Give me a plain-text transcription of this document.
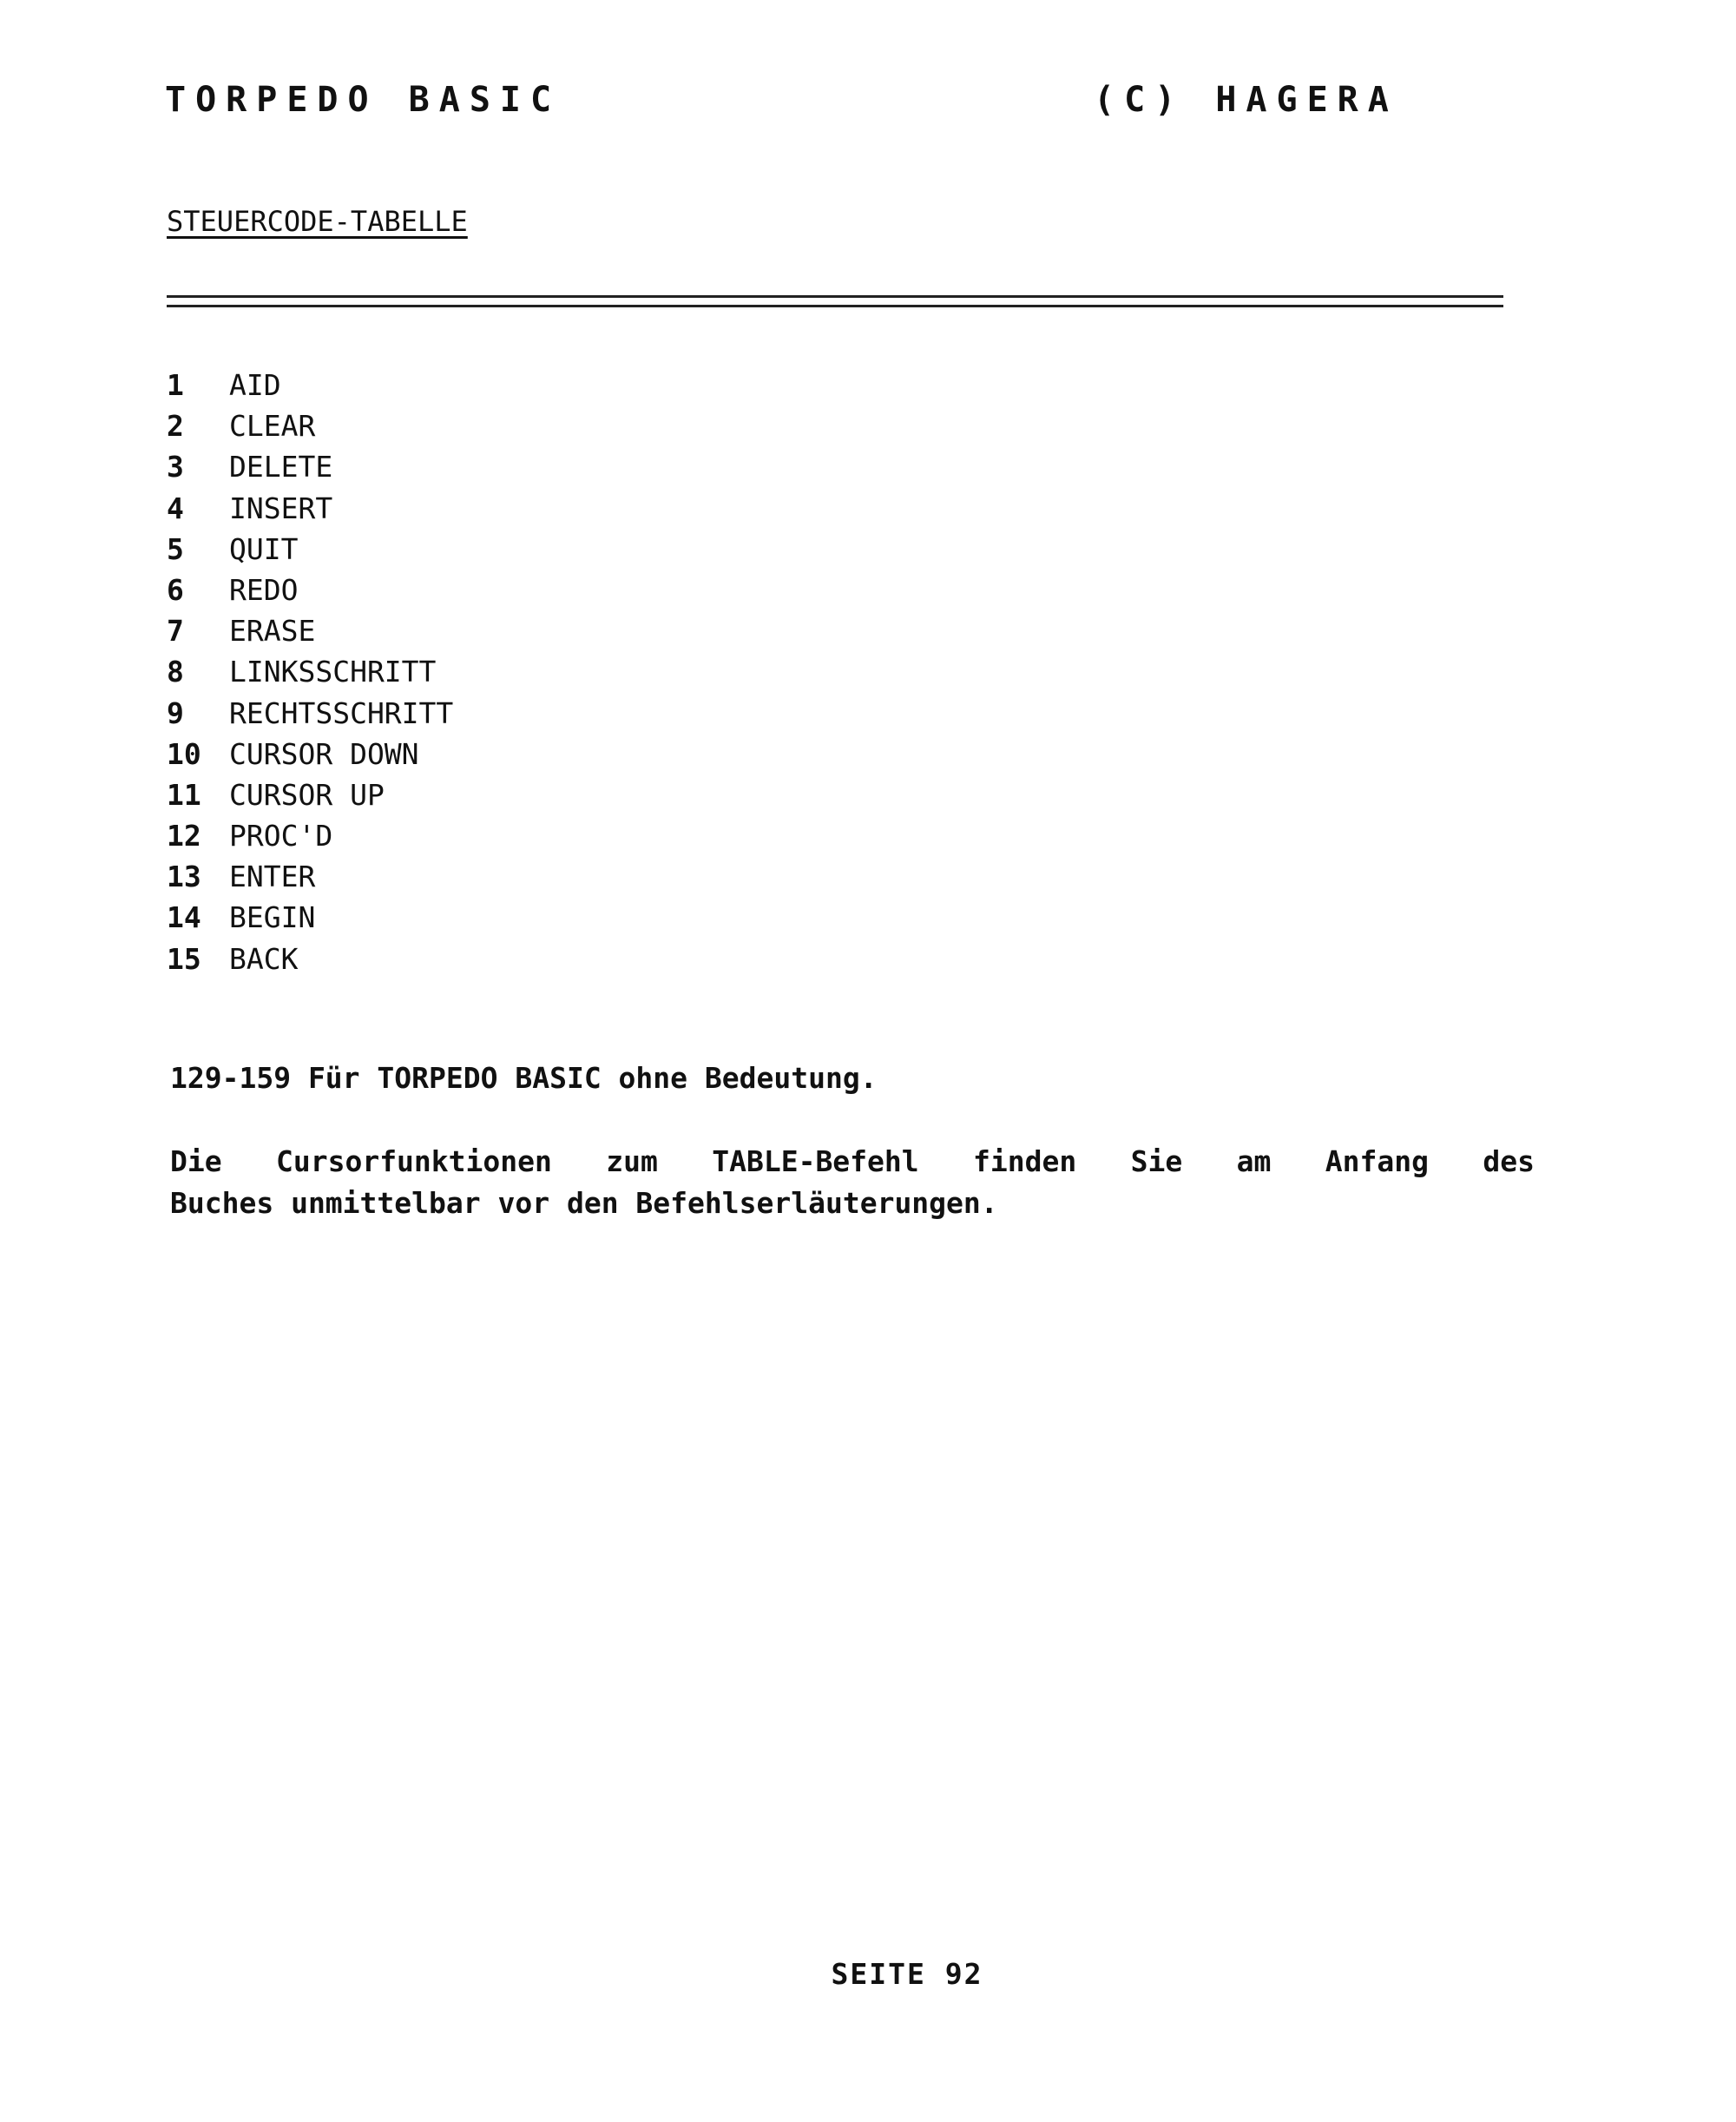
TORPEDO BASIC	(C) HAGERA
STEUERCODE-TABELLE
1	AID
2	CLEAR
3	DELETE
4	INSERT
5	QUIT
6	REDO
7	ERASE
8	LINKSSCHRITT
9	RECHTSSCHRITT
10 CURSOR DOWN
11 CURSOR UP
12 PROC'D
13 ENTER
14 BEGIN
15 BACK
129-159 Für TORPEDO BASIC ohne Bedeutung.
Die Cursorfunktionen zum TABLE-Befehl finden Sie am Anfang des
Buches unmittelbar vor den Befehlserläuterungen.
SEITE 92
